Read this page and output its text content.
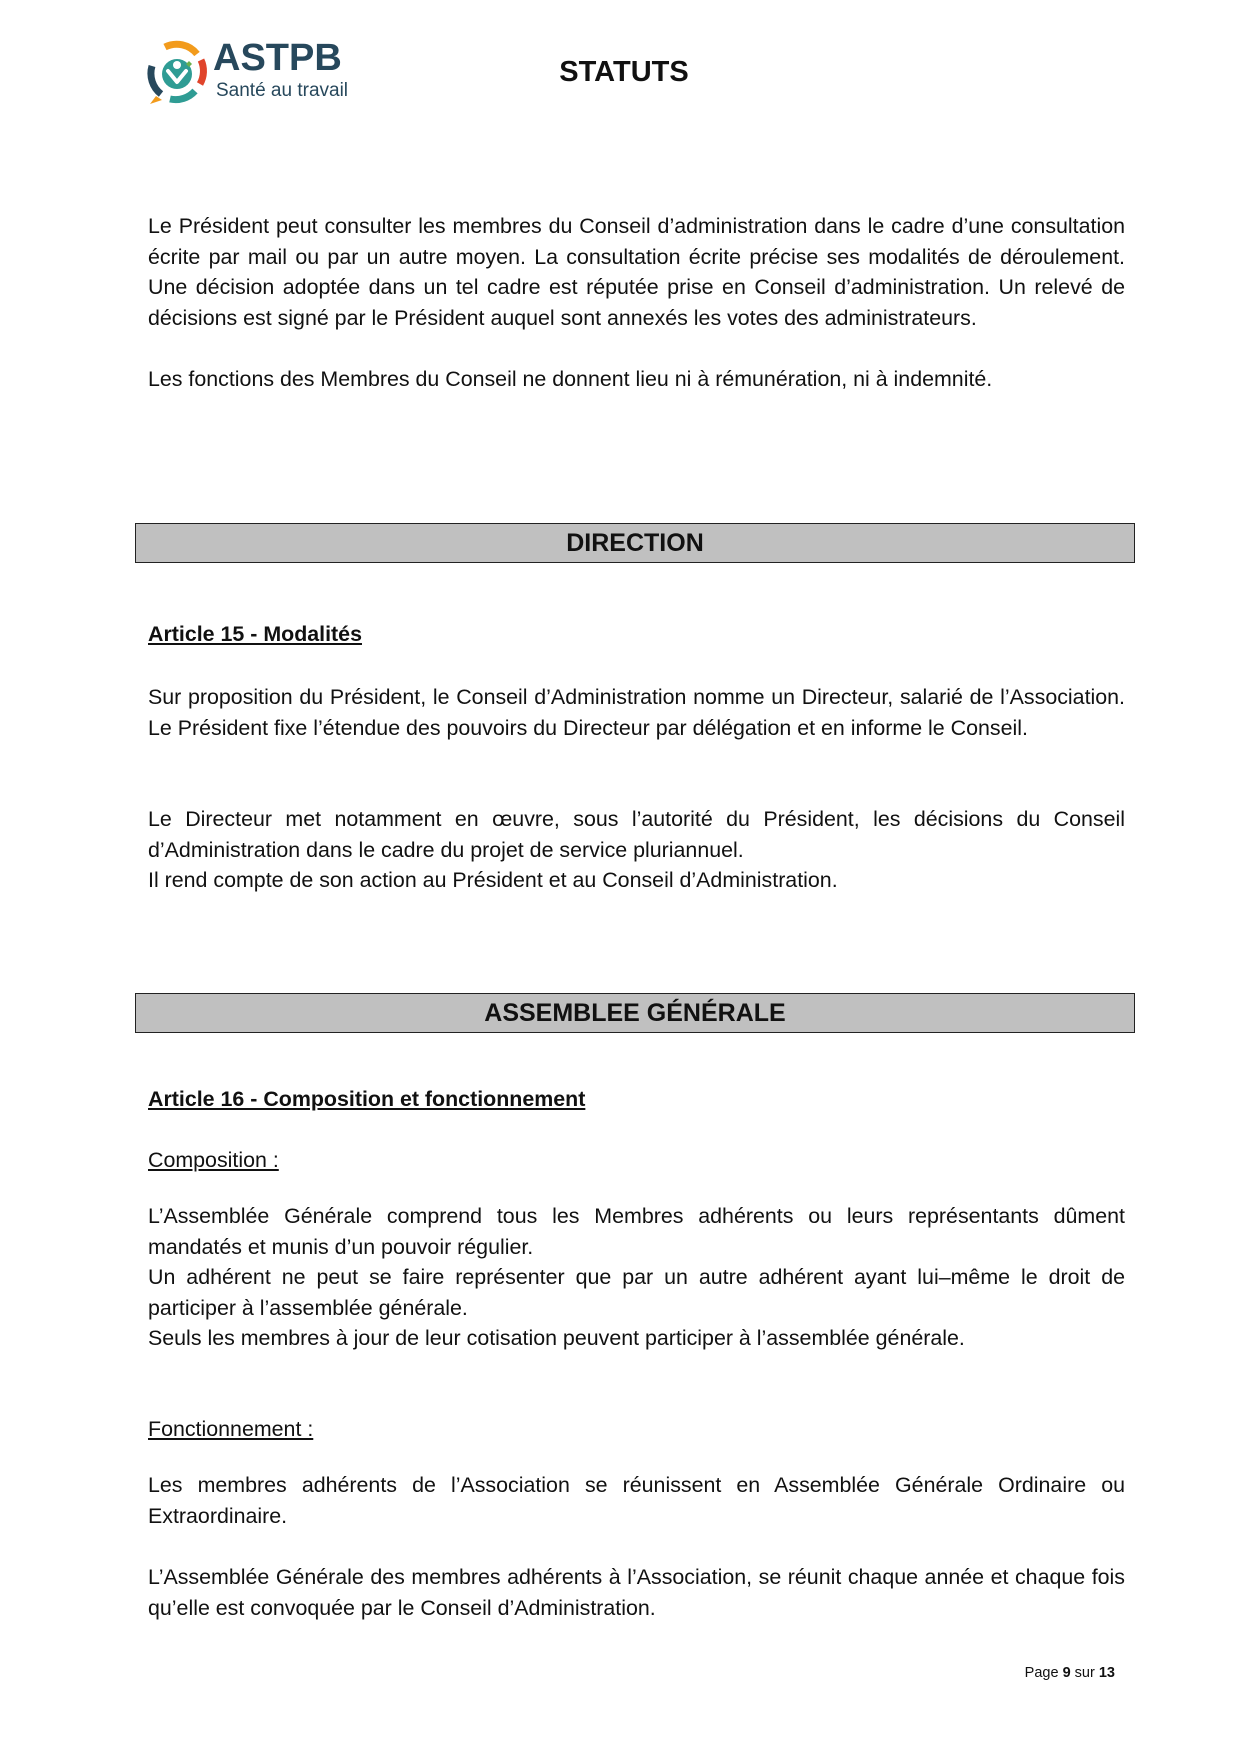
ASTPB
Santé au travail
STATUTS

Le Président peut consulter les membres du Conseil d’administration dans le cadre d’une consultation écrite par mail ou par un autre moyen. La consultation écrite précise ses modalités de déroulement. Une décision adoptée dans un tel cadre est réputée prise en Conseil d’administration. Un relevé de décisions est signé par le Président auquel sont annexés les votes des administrateurs.

Les fonctions des Membres du Conseil ne donnent lieu ni à rémunération, ni à indemnité.

DIRECTION
Article 15 - Modalités

Sur proposition du Président, le Conseil d’Administration nomme un Directeur, salarié de l’Association. Le Président fixe l’étendue des pouvoirs du Directeur par délégation et en informe le Conseil.

Le Directeur met notamment en œuvre, sous l’autorité du Président, les décisions du Conseil d’Administration dans le cadre du projet de service pluriannuel.

Il rend compte de son action au Président et au Conseil d’Administration.

ASSEMBLEE GÉNÉRALE
Article 16 - Composition et fonctionnement
Composition :

L’Assemblée Générale comprend tous les Membres adhérents ou leurs représentants dûment mandatés et munis d’un pouvoir régulier.

Un adhérent ne peut se faire représenter que par un autre adhérent ayant lui–même le droit de participer à l’assemblée générale.

Seuls les membres à jour de leur cotisation peuvent participer à l’assemblée générale.

Fonctionnement :

Les membres adhérents de l’Association se réunissent en Assemblée Générale Ordinaire ou Extraordinaire.

L’Assemblée Générale des membres adhérents à l’Association, se réunit chaque année et chaque fois qu’elle est convoquée par le Conseil d’Administration.

Page 9 sur 13
